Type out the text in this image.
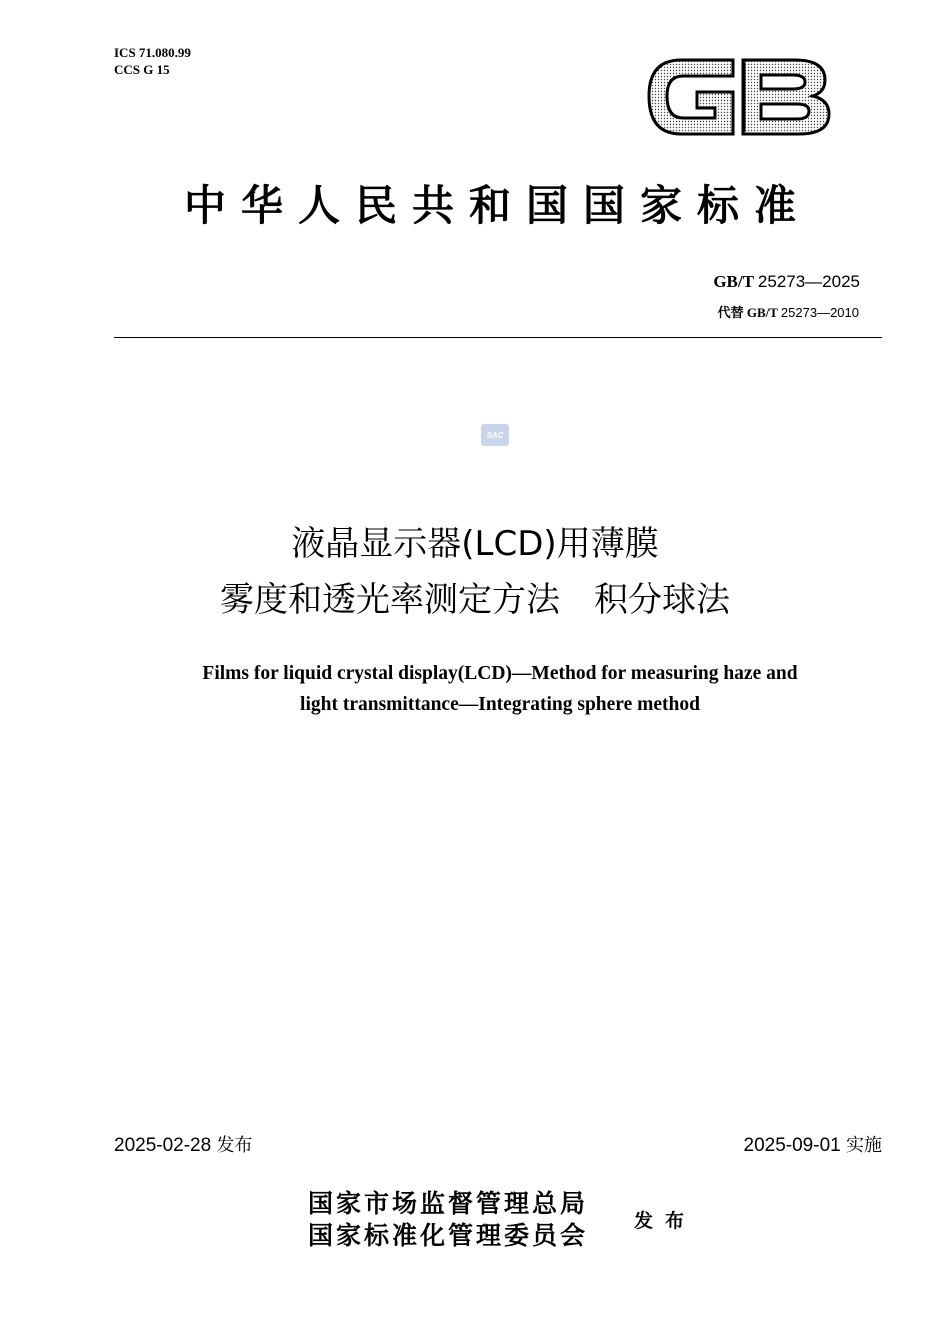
ICS 71.080.99
CCS G 15
中华人民共和国国家标准
GB/T 25273—2025
代替 GB/T 25273—2010
SAC
液晶显示器(LCD)用薄膜
雾度和透光率测定方法　积分球法
Films for liquid crystal display(LCD)—Method for measuring haze and
light transmittance—Integrating sphere method
2025-02-28 发布	2025-09-01 实施
国家市场监督管理总局
国家标准化管理委员会 发布
